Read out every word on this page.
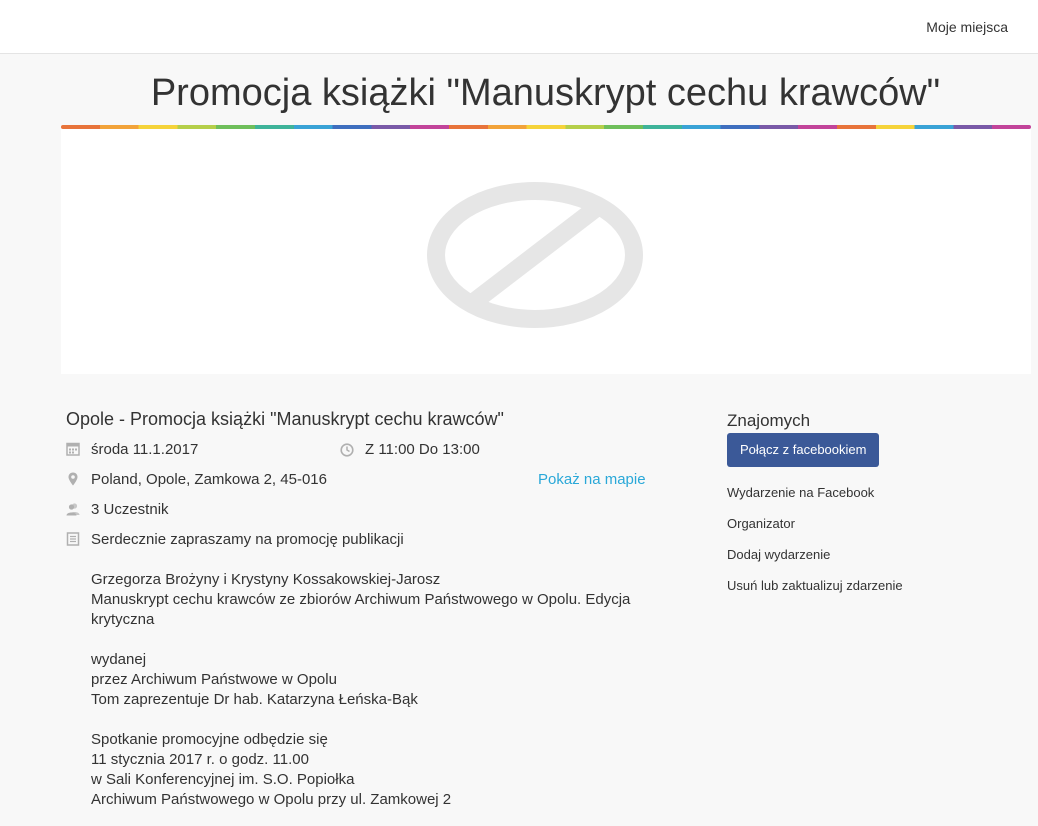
Moje miejsca
Promocja książki "Manuskrypt cechu krawców"
Opole - Promocja książki "Manuskrypt cechu krawców"
środa 11.1.2017	Z 11:00 Do 13:00
Poland, Opole, Zamkowa 2, 45-016	Pokaż na mapie
3 Uczestnik

Serdecznie zapraszamy na promocję publikacji

Grzegorza Brożyny i Krystyny Kossakowskiej-Jarosz

Manuskrypt cechu krawców ze zbiorów Archiwum Państwowego w Opolu. Edycja krytyczna

wydanej

przez Archiwum Państwowe w Opolu

Tom zaprezentuje Dr hab. Katarzyna Łeńska-Bąk

Spotkanie promocyjne odbędzie się

11 stycznia 2017 r. o godz. 11.00

w Sali Konferencyjnej im. S.O. Popiołka

Archiwum Państwowego w Opolu przy ul. Zamkowej 2

Znajomych
Połącz z facebookiem
Wydarzenie na Facebook
Organizator
Dodaj wydarzenie
Usuń lub zaktualizuj zdarzenie
